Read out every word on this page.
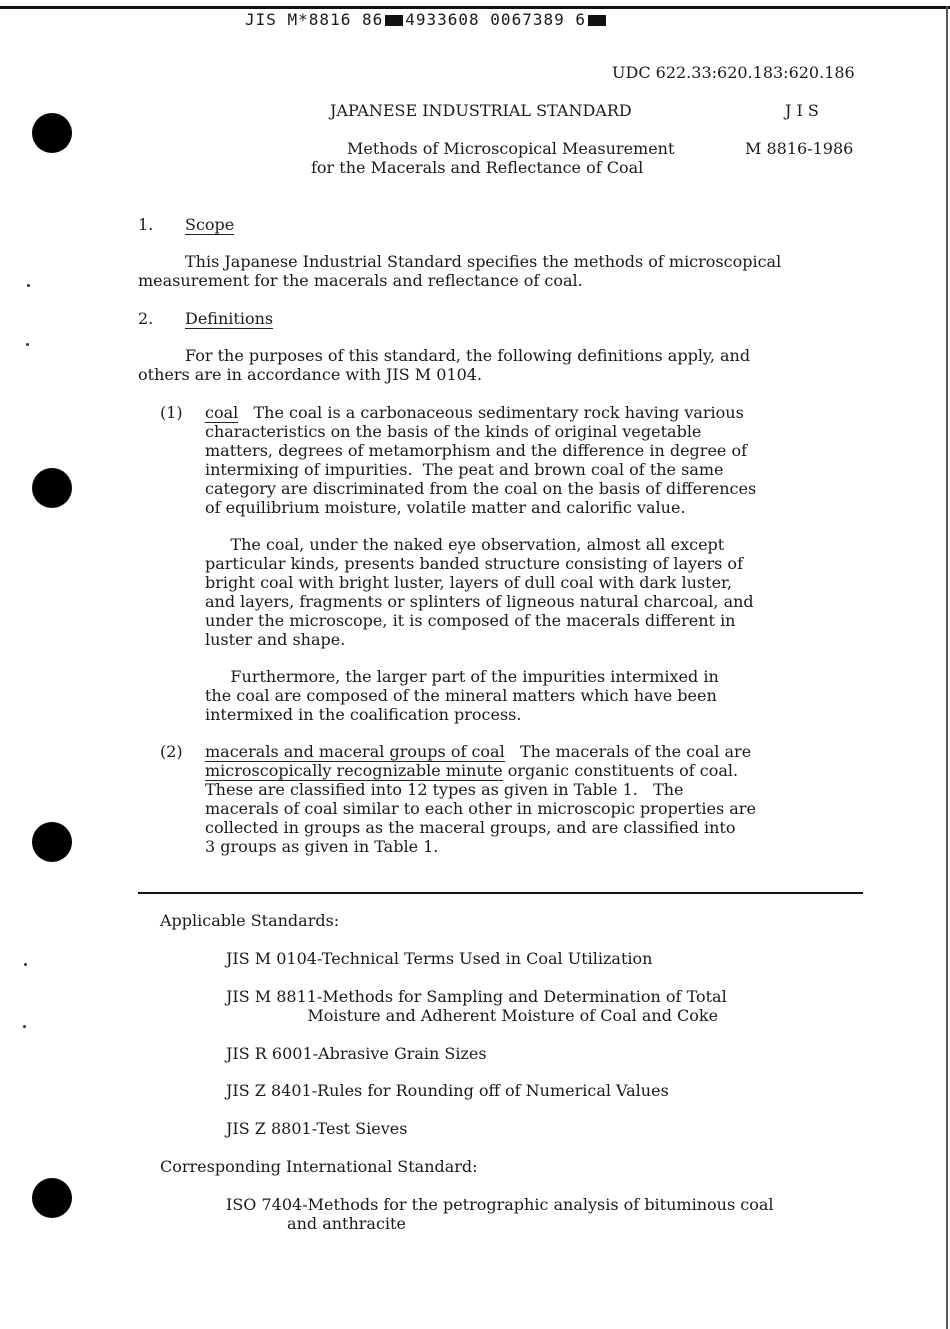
JIS M*8816 86 4933608 0067389 6
UDC 622.33:620.183:620.186
JAPANESE INDUSTRIAL STANDARD	J I S
Methods of Microscopical Measurement
for the Macerals and Reflectance of Coal
M 8816-1986
1. Scope
This Japanese Industrial Standard specifies the methods of microscopical
measurement for the macerals and reflectance of coal.
2. Definitions
For the purposes of this standard, the following definitions apply, and
others are in accordance with JIS M 0104.
(1) coal   The coal is a carbonaceous sedimentary rock having various
characteristics on the basis of the kinds of original vegetable
matters, degrees of metamorphism and the difference in degree of
intermixing of impurities.  The peat and brown coal of the same
category are discriminated from the coal on the basis of differences
of equilibrium moisture, volatile matter and calorific value.
The coal, under the naked eye observation, almost all except
particular kinds, presents banded structure consisting of layers of
bright coal with bright luster, layers of dull coal with dark luster,
and layers, fragments or splinters of ligneous natural charcoal, and
under the microscope, it is composed of the macerals different in
luster and shape.
Furthermore, the larger part of the impurities intermixed in
the coal are composed of the mineral matters which have been
intermixed in the coalification process.
(2) macerals and maceral groups of coal   The macerals of the coal are
microscopically recognizable minute organic constituents of coal.
These are classified into 12 types as given in Table 1.   The
macerals of coal similar to each other in microscopic properties are
collected in groups as the maceral groups, and are classified into
3 groups as given in Table 1.
Applicable Standards:
JIS M 0104-Technical Terms Used in Coal Utilization
JIS M 8811-Methods for Sampling and Determination of Total
Moisture and Adherent Moisture of Coal and Coke
JIS R 6001-Abrasive Grain Sizes
JIS Z 8401-Rules for Rounding off of Numerical Values
JIS Z 8801-Test Sieves
Corresponding International Standard:
ISO 7404-Methods for the petrographic analysis of bituminous coal
and anthracite
